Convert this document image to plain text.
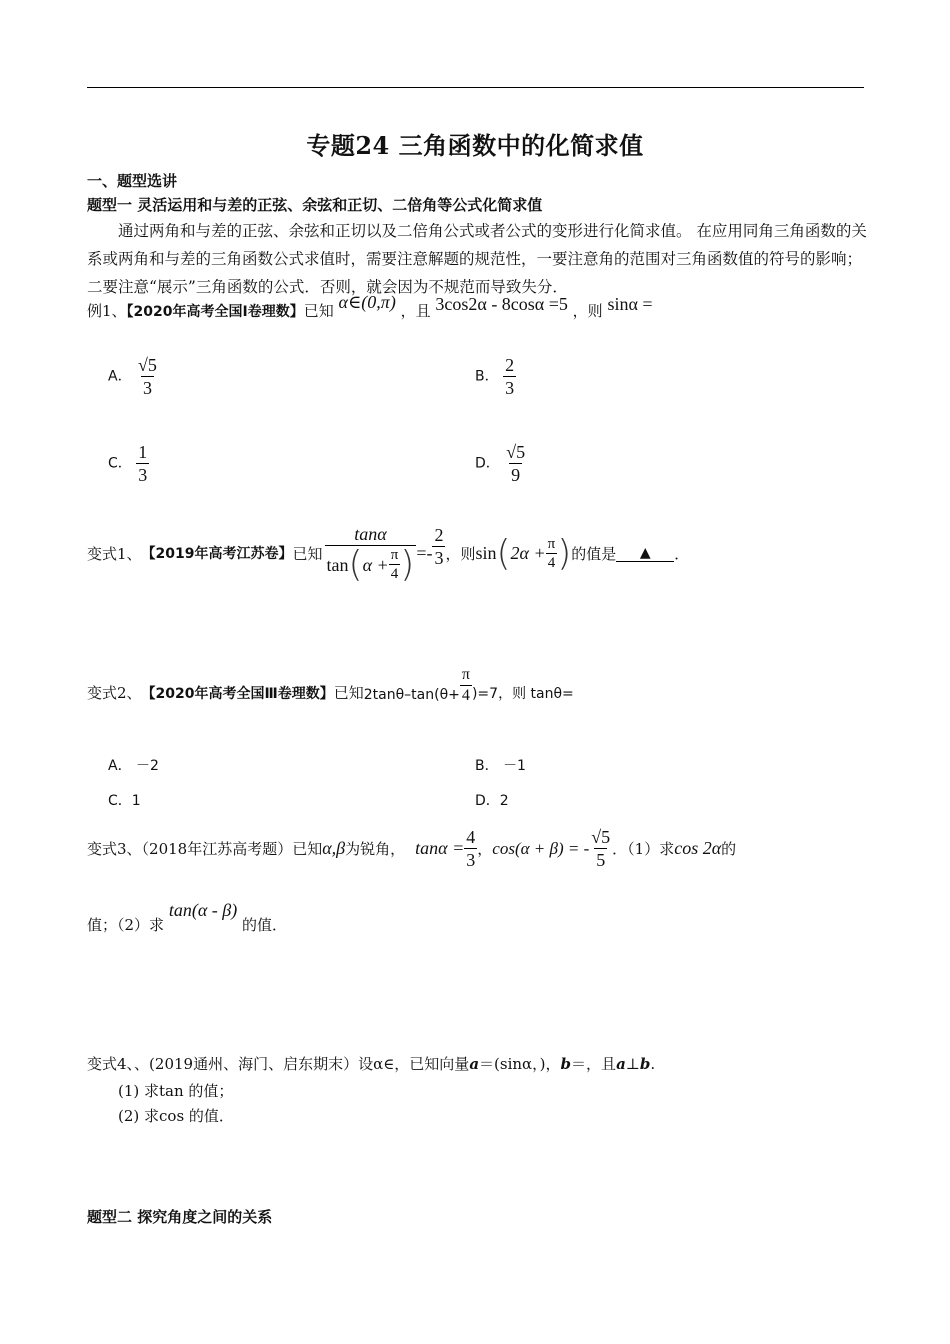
专题24 三角函数中的化简求值
一、题型选讲
题型一 灵活运用和与差的正弦、余弦和正切、二倍角等公式化简求值
通过两角和与差的正弦、余弦和正切以及二倍角公式或者公式的变形进行化简求值。 在应用同角三角函数的关系或两角和与差的三角函数公式求值时，需要注意解题的规范性，一要注意角的范围对三角函数值的符号的影响；二要注意“展示”三角函数的公式．否则，就会因为不规范而导致失分．
例1、【2020年高考全国Ⅰ卷理数】已知 α∈(0,π) ，且 3cos2α - 8cosα =5 ，则 sinα =
A． $\frac{√5}{3}$	B． $\frac{2}{3}$
C． $\frac{1}{3}$	D． $\frac{√5}{9}$
变式1、 【2019年高考江苏卷】 已知 $\frac{\tan\alpha}{\tan ( \alpha + \frac{\pi}{4} )} =- \frac{2}{3}$ ，则 sin ( $2\alpha + \frac{\pi}{4}$ ) 的值是	▲	．
变式2、 【2020年高考全国Ⅲ卷理数】 已知 $2\tan\theta-\tan(\theta+ \frac{\pi}{4} )=7$，则 tanθ=
A． －2	B． －1
C．1	D．2
变式3、（2018年江苏高考题）已知 α,β 为锐角， $\tan\alpha = \frac{4}{3}$ ， cos(α + β) = - $\frac{√5}{5}$ ．（1）求 cos 2α 的
值；（2）求 tan(α - β) 的值．
变式4、、(2019通州、海门、启东期末）设α∈，已知向量a＝(sinα，)，b＝，且a⊥b.
(1) 求tan 的值；
(2) 求cos 的值．
题型二 探究角度之间的关系
